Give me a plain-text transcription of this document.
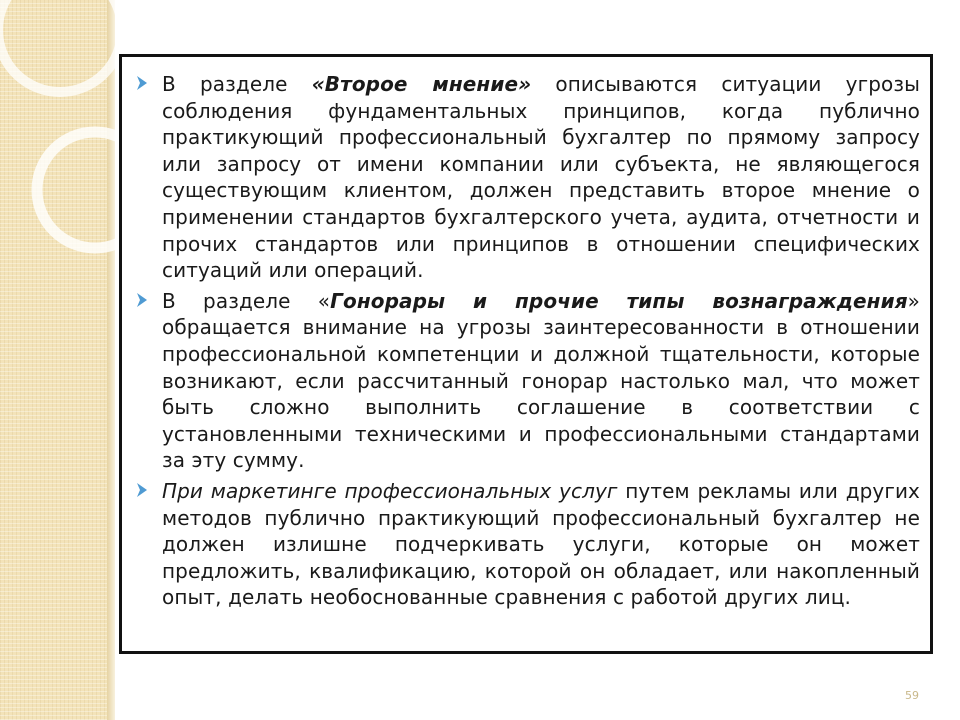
В разделе «Второе мнение» описываются ситуации угрозы соблюдения фундаментальных принципов, когда публично практикующий профессиональный бухгалтер по прямому запросу или запросу от имени компании или субъекта, не являющегося существующим клиентом, должен представить второе мнение о применении стандартов бухгалтерского учета, аудита, отчетности и прочих стандартов или принципов в отношении специфических ситуаций или операций.
В разделе «Гонорары и прочие типы вознаграждения» обращается внимание на угрозы заинтересованности в отношении профессиональной компетенции и должной тщательности, которые возникают, если рассчитанный гонорар настолько мал, что может быть сложно выполнить соглашение в соответствии с установленными техническими и профессиональными стандартами за эту сумму.
При маркетинге профессиональных услуг путем рекламы или других методов публично практикующий профессиональный бухгалтер не должен излишне подчеркивать услуги, которые он может предложить, квалификацию, которой он обладает, или накопленный опыт, делать необоснованные сравнения с работой других лиц.
59
